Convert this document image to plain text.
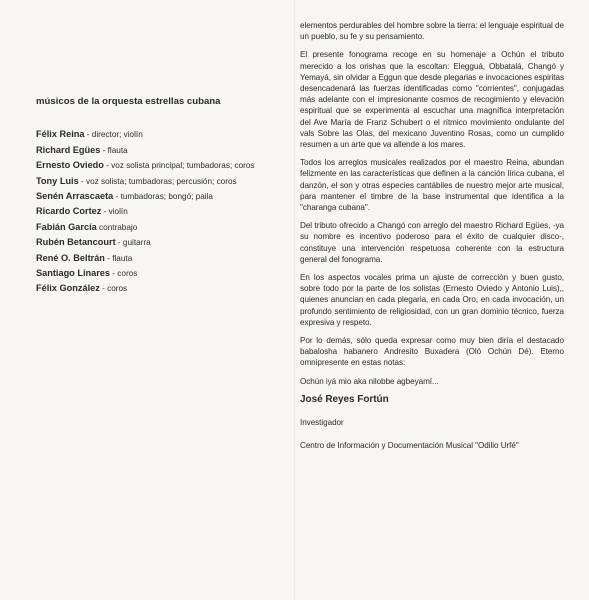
músicos de la orquesta estrellas cubana
Félix Reina - director; violín
Richard Egües - flauta
Ernesto Oviedo - voz solista principal; tumbadoras; coros
Tony Luis - voz solista; tumbadoras; percusión; coros
Senén Arrascaeta - tumbadoras; bongó; paila
Ricardo Cortez - violín
Fabián García contrabajo
Rubén Betancourt - guitarra
René O. Beltrán - flauta
Santiago Linares - coros
Félix González - coros

elementos perdurables del hombre sobre la tierra: el lenguaje espiritual de un pueblo, su fe y su pensamiento.

El presente fonograma recoge en su homenaje a Ochún el tributo merecido a los orishas que la escoltan: Elegguá, Obbatalá, Changó y Yemayá, sin olvidar a Eggun que desde plegarias e invocaciones espiritas desencadenará las fuerzas identificadas como "corrientes", conjugadas más adelante con el impresionante cosmos de recogimiento y elevación espiritual que se experimenta al escuchar una magnífica interpretación del Ave María de Franz Schubert o el rítmico movimiento ondulante del vals Sobre las Olas, del mexicano Juventino Rosas, como un cumplido resumen a un arte que va allende a los mares.

Todos los arreglos musicales realizados por el maestro Reina, abundan felizmente en las características que definen a la canción lírica cubana, el danzón, el son y otras especies cantábiles de nuestro mejor arte musical, para mantener el timbre de la base instrumental que identifica a la "charanga cubana".

Del tributo ofrecido a Changó con arreglo del maestro Richard Egües, -ya su nombre es incentivo poderoso para el éxito de cualquier disco-, constituye una intervención respetuosa coherente con la estructura general del fonograma.

En los aspectos vocales prima un ajuste de corrección y buen gusto, sobre todo por la parte de los solistas (Ernesto Oviedo y Antonio Luis),, quienes anuncian en cada plegaria, en cada Oro, en cada invocación, un profundo sentimiento de religiosidad, con un gran dominio técnico, fuerza expresiva y respeto.

Por lo demás, sólo queda expresar como muy bien diría el destacado babalosha habanero Andresito Buxadera (Olö Ochún Dé). Eterno omnipresente en estas notas:

Ochún iyá mio aka nilobbe agbeyamí...
José Reyes Fortún
Investigador
Centro de Información y Documentación Musical "Odilio Urfé"
